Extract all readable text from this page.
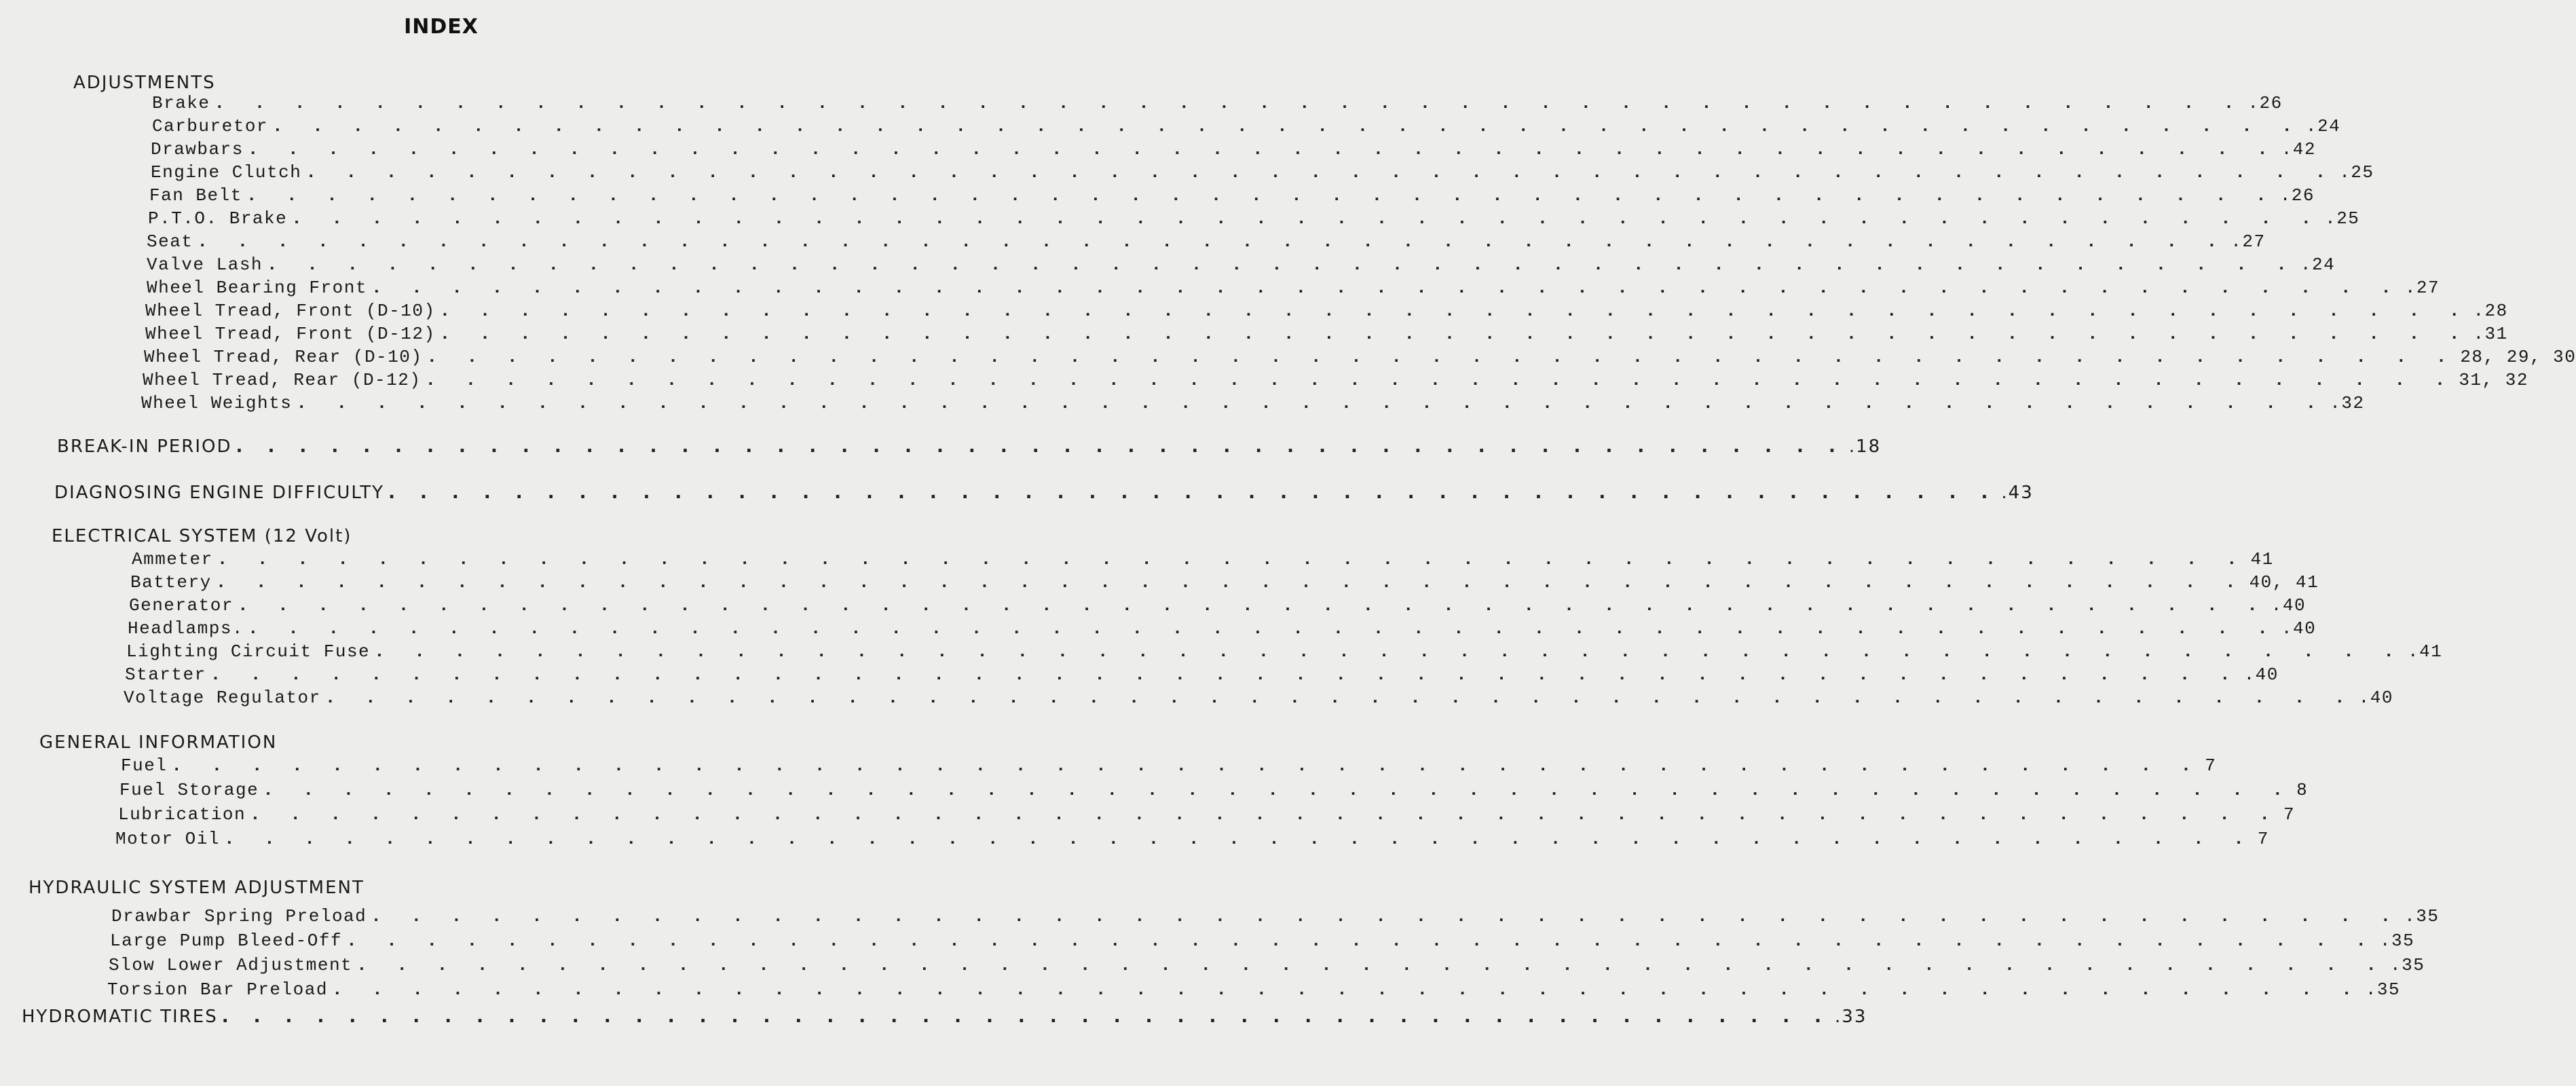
INDEX
ADJUSTMENTS
Brake . . . . . . . . . . . . . . . . . . . . . . . . . . . . . . . . . . . . . . . . . . . . . . . . . . . .26
Carburetor . . . . . . . . . . . . . . . . . . . . . . . . . . . . . . . . . . . . . . . . . . . . . . . . . . . .24
Drawbars . . . . . . . . . . . . . . . . . . . . . . . . . . . . . . . . . . . . . . . . . . . . . . . . . . . .42
Engine Clutch . . . . . . . . . . . . . . . . . . . . . . . . . . . . . . . . . . . . . . . . . . . . . . . . . . . .25
Fan Belt . . . . . . . . . . . . . . . . . . . . . . . . . . . . . . . . . . . . . . . . . . . . . . . . . . . .26
P.T.O. Brake . . . . . . . . . . . . . . . . . . . . . . . . . . . . . . . . . . . . . . . . . . . . . . . . . . . .25
Seat . . . . . . . . . . . . . . . . . . . . . . . . . . . . . . . . . . . . . . . . . . . . . . . . . . . .27
Valve Lash . . . . . . . . . . . . . . . . . . . . . . . . . . . . . . . . . . . . . . . . . . . . . . . . . . . .24
Wheel Bearing Front . . . . . . . . . . . . . . . . . . . . . . . . . . . . . . . . . . . . . . . . . . . . . . . . . . . .27
Wheel Tread, Front (D-10) . . . . . . . . . . . . . . . . . . . . . . . . . . . . . . . . . . . . . . . . . . . . . . . . . . . .28
Wheel Tread, Front (D-12) . . . . . . . . . . . . . . . . . . . . . . . . . . . . . . . . . . . . . . . . . . . . . . . . . . . .31
Wheel Tread, Rear (D-10) . . . . . . . . . . . . . . . . . . . . . . . . . . . . . . . . . . . . . . . . . . . . . . . . . . . 28, 29, 30
Wheel Tread, Rear (D-12) . . . . . . . . . . . . . . . . . . . . . . . . . . . . . . . . . . . . . . . . . . . . . . . . . . . 31, 32
Wheel Weights . . . . . . . . . . . . . . . . . . . . . . . . . . . . . . . . . . . . . . . . . . . . . . . . . . . .32
BREAK-IN PERIOD . . . . . . . . . . . . . . . . . . . . . . . . . . . . . . . . . . . . . . . . . . . . . . . . . . . .18
DIAGNOSING ENGINE DIFFICULTY . . . . . . . . . . . . . . . . . . . . . . . . . . . . . . . . . . . . . . . . . . . . . . . . . . . .43
ELECTRICAL SYSTEM (12 Volt)
Ammeter . . . . . . . . . . . . . . . . . . . . . . . . . . . . . . . . . . . . . . . . . . . . . . . . . . . 41
Battery . . . . . . . . . . . . . . . . . . . . . . . . . . . . . . . . . . . . . . . . . . . . . . . . . . . 40, 41
Generator . . . . . . . . . . . . . . . . . . . . . . . . . . . . . . . . . . . . . . . . . . . . . . . . . . . .40
Headlamps. . . . . . . . . . . . . . . . . . . . . . . . . . . . . . . . . . . . . . . . . . . . . . . . . . . . .40
Lighting Circuit Fuse . . . . . . . . . . . . . . . . . . . . . . . . . . . . . . . . . . . . . . . . . . . . . . . . . . . .41
Starter . . . . . . . . . . . . . . . . . . . . . . . . . . . . . . . . . . . . . . . . . . . . . . . . . . . .40
Voltage Regulator . . . . . . . . . . . . . . . . . . . . . . . . . . . . . . . . . . . . . . . . . . . . . . . . . . . .40
GENERAL INFORMATION
Fuel . . . . . . . . . . . . . . . . . . . . . . . . . . . . . . . . . . . . . . . . . . . . . . . . . . . 7
Fuel Storage . . . . . . . . . . . . . . . . . . . . . . . . . . . . . . . . . . . . . . . . . . . . . . . . . . . 8
Lubrication . . . . . . . . . . . . . . . . . . . . . . . . . . . . . . . . . . . . . . . . . . . . . . . . . . . 7
Motor Oil . . . . . . . . . . . . . . . . . . . . . . . . . . . . . . . . . . . . . . . . . . . . . . . . . . . 7
HYDRAULIC SYSTEM ADJUSTMENT
Drawbar Spring Preload . . . . . . . . . . . . . . . . . . . . . . . . . . . . . . . . . . . . . . . . . . . . . . . . . . . .35
Large Pump Bleed-Off . . . . . . . . . . . . . . . . . . . . . . . . . . . . . . . . . . . . . . . . . . . . . . . . . . . .35
Slow Lower Adjustment . . . . . . . . . . . . . . . . . . . . . . . . . . . . . . . . . . . . . . . . . . . . . . . . . . . .35
Torsion Bar Preload . . . . . . . . . . . . . . . . . . . . . . . . . . . . . . . . . . . . . . . . . . . . . . . . . . . .35
HYDROMATIC TIRES . . . . . . . . . . . . . . . . . . . . . . . . . . . . . . . . . . . . . . . . . . . . . . . . . . . .33
